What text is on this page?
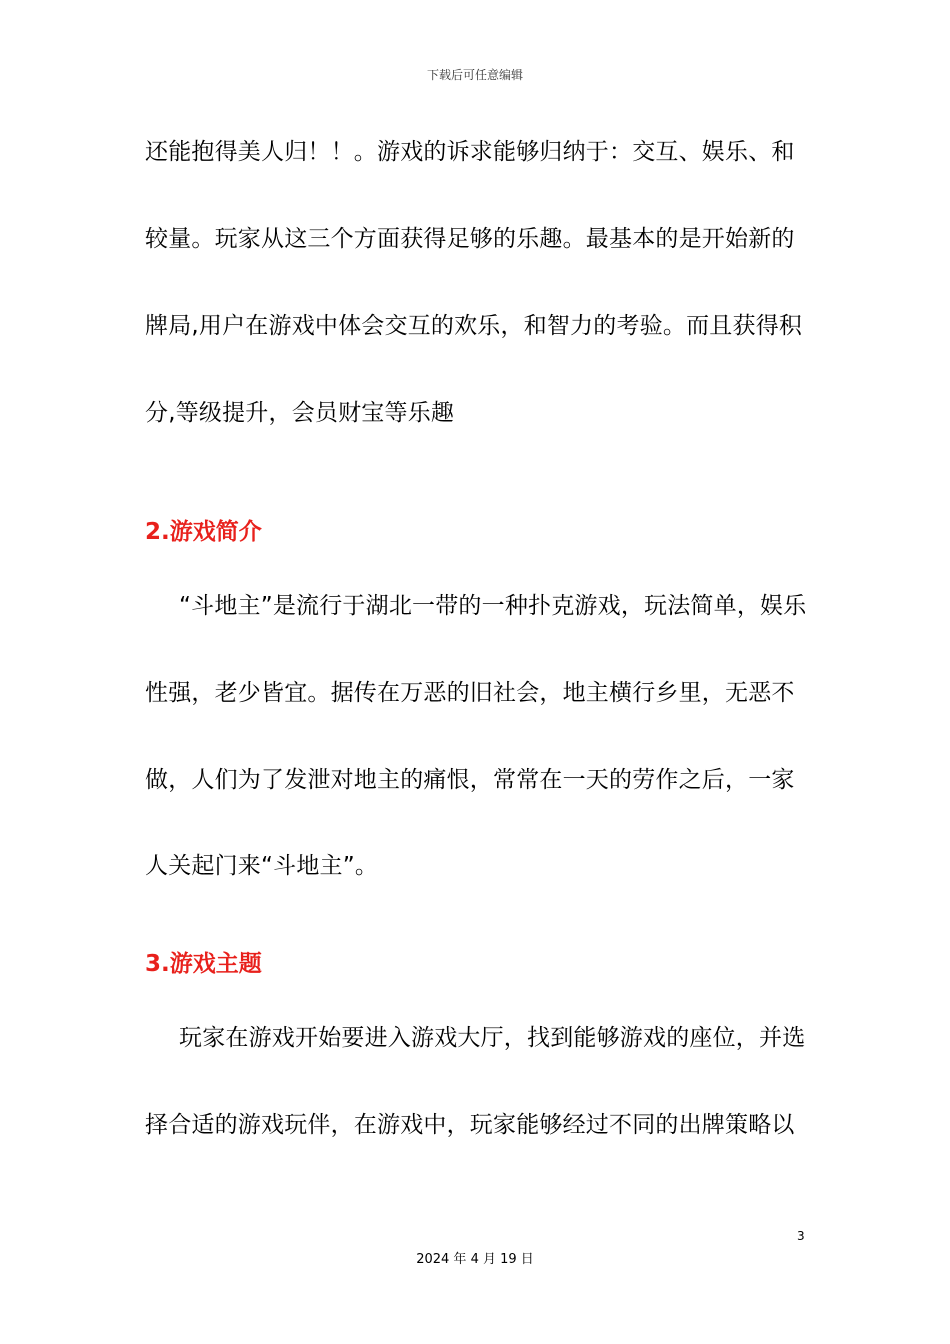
下载后可任意编辑
还能抱得美人归！！。游戏的诉求能够归纳于：交互、娱乐、和
较量。玩家从这三个方面获得足够的乐趣。最基本的是开始新的
牌局,用户在游戏中体会交互的欢乐，和智力的考验。而且获得积
分,等级提升，会员财宝等乐趣
2.游戏简介
“斗地主”是流行于湖北一带的一种扑克游戏，玩法简单，娱乐
性强，老少皆宜。据传在万恶的旧社会，地主横行乡里，无恶不
做，人们为了发泄对地主的痛恨，常常在一天的劳作之后，一家
人关起门来“斗地主”。
3.游戏主题
玩家在游戏开始要进入游戏大厅，找到能够游戏的座位，并选
择合适的游戏玩伴，在游戏中，玩家能够经过不同的出牌策略以
3
2024 年 4 月 19 日
